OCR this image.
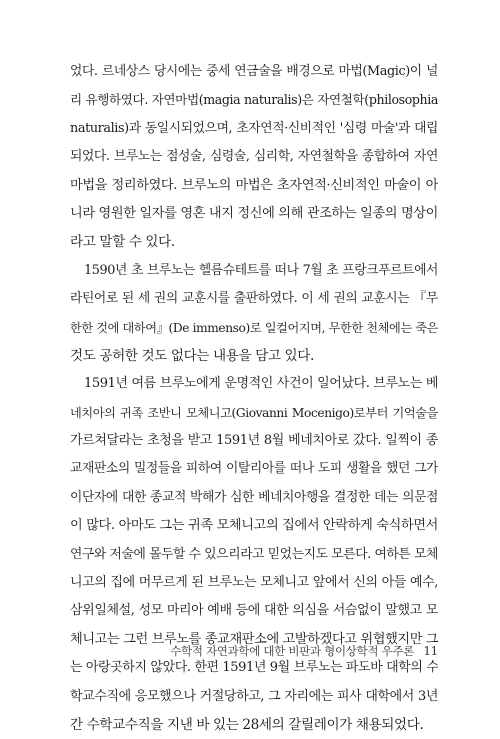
었다. 르네상스 당시에는 중세 연금술을 배경으로 마법(Magic)이 널
리 유행하였다. 자연마법(magia naturalis)은 자연철학(philosophia
naturalis)과 동일시되었으며, 초자연적·신비적인 '심령 마술'과 대립
되었다. 브루노는 점성술, 심령술, 심리학, 자연철학을 종합하여 자연
마법을 정리하였다. 브루노의 마법은 초자연적·신비적인 마술이 아
니라 영원한 일자를 영혼 내지 정신에 의해 관조하는 일종의 명상이
라고 말할 수 있다.
1590년 초 브루노는 헬름슈테트를 떠나 7월 초 프랑크푸르트에서
라틴어로 된 세 권의 교훈시를 출판하였다. 이 세 권의 교훈시는 『무
한한 것에 대하여』(De immenso)로 일컬어지며, 무한한 천체에는 죽은
것도 공허한 것도 없다는 내용을 담고 있다.
1591년 여름 브루노에게 운명적인 사건이 일어났다. 브루노는 베
네치아의 귀족 조반니 모체니고(Giovanni Mocenigo)로부터 기억술을
가르쳐달라는 초청을 받고 1591년 8월 베네치아로 갔다. 일찍이 종
교재판소의 밀정들을 피하여 이탈리아를 떠나 도피 생활을 했던 그가
이단자에 대한 종교적 박해가 심한 베네치아행을 결정한 데는 의문점
이 많다. 아마도 그는 귀족 모체니고의 집에서 안락하게 숙식하면서
연구와 저술에 몰두할 수 있으리라고 믿었는지도 모른다. 여하튼 모체
니고의 집에 머무르게 된 브루노는 모체니고 앞에서 신의 아들 예수,
삼위일체설, 성모 마리아 예배 등에 대한 의심을 서슴없이 말했고 모
체니고는 그런 브루노를 종교재판소에 고발하겠다고 위협했지만 그
는 아랑곳하지 않았다. 한편 1591년 9월 브루노는 파도바 대학의 수
학교수직에 응모했으나 거절당하고, 그 자리에는 피사 대학에서 3년
간 수학교수직을 지낸 바 있는 28세의 갈릴레이가 채용되었다.
수학적 자연과학에 대한 비판과 형이상학적 우주론 11
